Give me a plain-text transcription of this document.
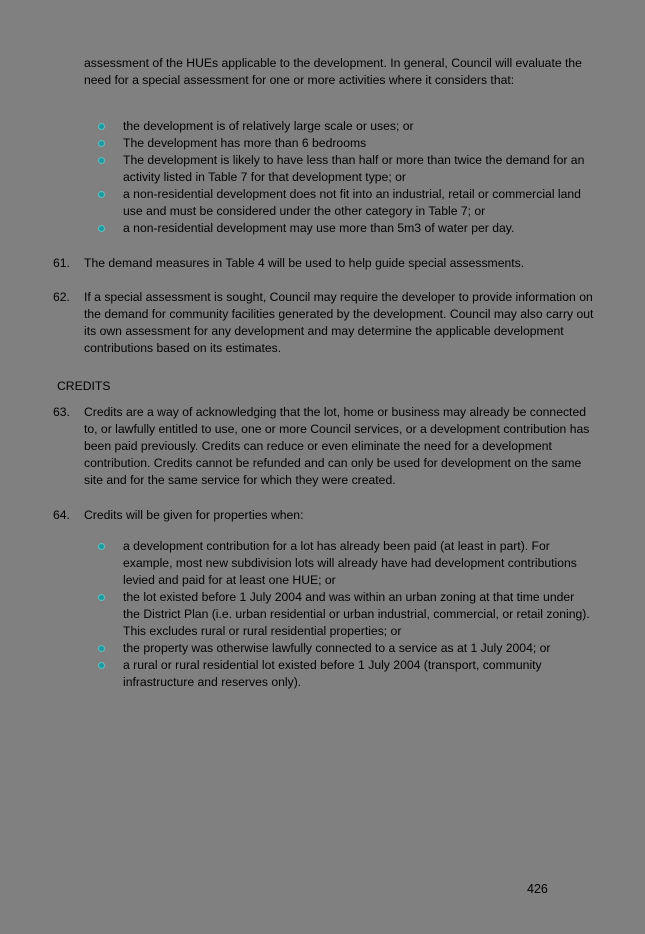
assessment of the HUEs applicable to the development. In general, Council will evaluate the need for a special assessment for one or more activities where it considers that:
the development is of relatively large scale or uses; or
The development has more than 6 bedrooms
The development is likely to have less than half or more than twice the demand for an activity listed in Table 7 for that development type; or
a non-residential development does not fit into an industrial, retail or commercial land use and must be considered under the other category in Table 7; or
a non-residential development may use more than 5m3 of water per day.
61.	The demand measures in Table 4 will be used to help guide special assessments.
62.	If a special assessment is sought, Council may require the developer to provide information on the demand for community facilities generated by the development. Council may also carry out its own assessment for any development and may determine the applicable development contributions based on its estimates.
CREDITS
63.	Credits are a way of acknowledging that the lot, home or business may already be connected to, or lawfully entitled to use, one or more Council services, or a development contribution has been paid previously. Credits can reduce or even eliminate the need for a development contribution. Credits cannot be refunded and can only be used for development on the same site and for the same service for which they were created.
64.	Credits will be given for properties when:
a development contribution for a lot has already been paid (at least in part). For example, most new subdivision lots will already have had development contributions levied and paid for at least one HUE; or
the lot existed before 1 July 2004 and was within an urban zoning at that time under the District Plan (i.e. urban residential or urban industrial, commercial, or retail zoning). This excludes rural or rural residential properties; or
the property was otherwise lawfully connected to a service as at 1 July 2004; or
a rural or rural residential lot existed before 1 July 2004 (transport, community infrastructure and reserves only).
426
